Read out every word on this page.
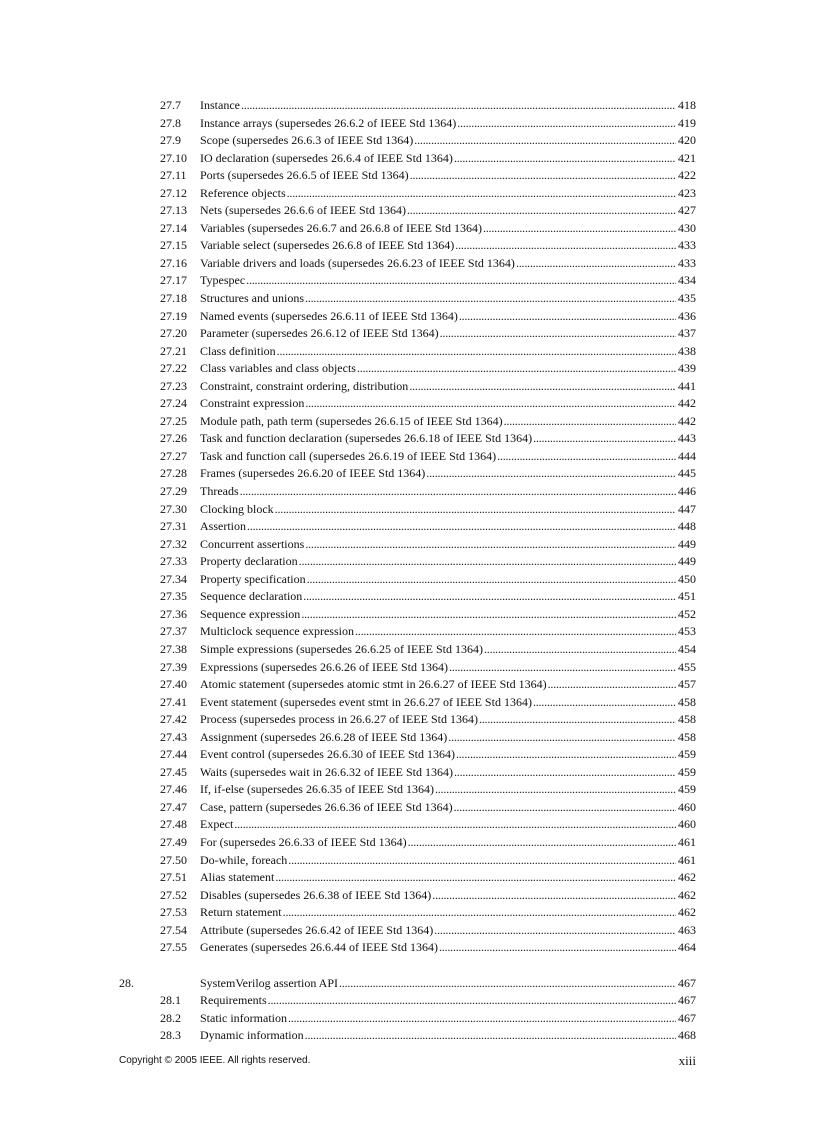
27.7 Instance . . .	418
27.8 Instance arrays (supersedes 26.6.2 of IEEE Std 1364) . . .	419
27.9 Scope (supersedes 26.6.3 of IEEE Std 1364) . . .	420
27.10 IO declaration (supersedes 26.6.4 of IEEE Std 1364) . . .	421
27.11 Ports (supersedes 26.6.5 of IEEE Std 1364) . . .	422
27.12 Reference objects . . .	423
27.13 Nets (supersedes 26.6.6 of IEEE Std 1364) . . .	427
27.14 Variables (supersedes 26.6.7 and 26.6.8 of IEEE Std 1364) . . .	430
27.15 Variable select (supersedes 26.6.8 of IEEE Std 1364) . . .	433
27.16 Variable drivers and loads (supersedes 26.6.23 of IEEE Std 1364) . . .	433
27.17 Typespec . . .	434
27.18 Structures and unions . . .	435
27.19 Named events (supersedes 26.6.11 of IEEE Std 1364) . . .	436
27.20 Parameter (supersedes 26.6.12 of IEEE Std 1364) . . .	437
27.21 Class definition . . .	438
27.22 Class variables and class objects . . .	439
27.23 Constraint, constraint ordering, distribution . . .	441
27.24 Constraint expression . . .	442
27.25 Module path, path term (supersedes 26.6.15 of IEEE Std 1364) . . .	442
27.26 Task and function declaration (supersedes 26.6.18 of IEEE Std 1364) . . .	443
27.27 Task and function call (supersedes 26.6.19 of IEEE Std 1364) . . .	444
27.28 Frames (supersedes 26.6.20 of IEEE Std 1364) . . .	445
27.29 Threads . . .	446
27.30 Clocking block . . .	447
27.31 Assertion . . .	448
27.32 Concurrent assertions . . .	449
27.33 Property declaration . . .	449
27.34 Property specification . . .	450
27.35 Sequence declaration . . .	451
27.36 Sequence expression . . .	452
27.37 Multiclock sequence expression . . .	453
27.38 Simple expressions (supersedes 26.6.25 of IEEE Std 1364) . . .	454
27.39 Expressions (supersedes 26.6.26 of IEEE Std 1364) . . .	455
27.40 Atomic statement (supersedes atomic stmt in 26.6.27 of IEEE Std 1364) . . .	457
27.41 Event statement (supersedes event stmt in 26.6.27 of IEEE Std 1364) . . .	458
27.42 Process (supersedes process in 26.6.27 of IEEE Std 1364) . . .	458
27.43 Assignment (supersedes 26.6.28 of IEEE Std 1364) . . .	458
27.44 Event control (supersedes 26.6.30 of IEEE Std 1364) . . .	459
27.45 Waits (supersedes wait in 26.6.32 of IEEE Std 1364) . . .	459
27.46 If, if-else (supersedes 26.6.35 of IEEE Std 1364) . . .	459
27.47 Case, pattern (supersedes 26.6.36 of IEEE Std 1364) . . .	460
27.48 Expect . . .	460
27.49 For (supersedes 26.6.33 of IEEE Std 1364) . . .	461
27.50 Do-while, foreach . . .	461
27.51 Alias statement . . .	462
27.52 Disables (supersedes 26.6.38 of IEEE Std 1364) . . .	462
27.53 Return statement . . .	462
27.54 Attribute (supersedes 26.6.42 of IEEE Std 1364) . . .	463
27.55 Generates (supersedes 26.6.44 of IEEE Std 1364) . . .	464
28.	SystemVerilog assertion API . . .	467
28.1 Requirements . . .	467
28.2 Static information . . .	467
28.3 Dynamic information . . .	468
Copyright © 2005 IEEE. All rights reserved.	xiii
